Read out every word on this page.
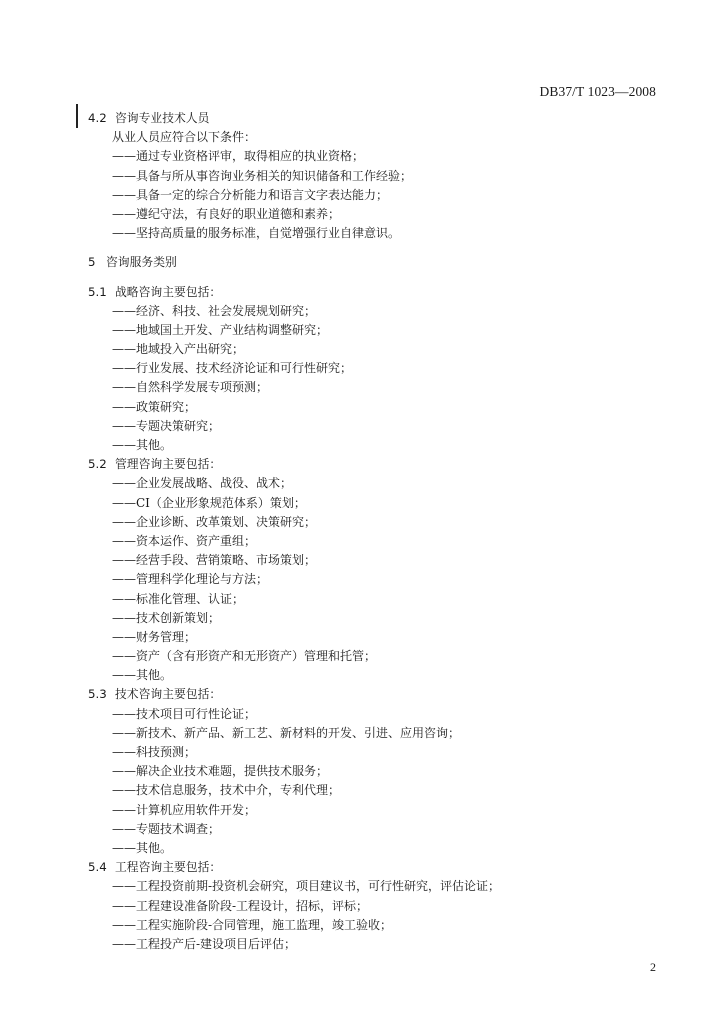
DB37/T 1023—2008
4.2 咨询专业技术人员
从业人员应符合以下条件：
——通过专业资格评审，取得相应的执业资格；
——具备与所从事咨询业务相关的知识储备和工作经验；
——具备一定的综合分析能力和语言文字表达能力；
——遵纪守法，有良好的职业道德和素养；
——坚持高质量的服务标准，自觉增强行业自律意识。
5 咨询服务类别
5.1 战略咨询主要包括：
——经济、科技、社会发展规划研究；
——地域国土开发、产业结构调整研究；
——地域投入产出研究；
——行业发展、技术经济论证和可行性研究；
——自然科学发展专项预测；
——政策研究；
——专题决策研究；
——其他。
5.2 管理咨询主要包括：
——企业发展战略、战役、战术；
——CI（企业形象规范体系）策划；
——企业诊断、改革策划、决策研究；
——资本运作、资产重组；
——经营手段、营销策略、市场策划；
——管理科学化理论与方法；
——标准化管理、认证；
——技术创新策划；
——财务管理；
——资产（含有形资产和无形资产）管理和托管；
——其他。
5.3 技术咨询主要包括：
——技术项目可行性论证；
——新技术、新产品、新工艺、新材料的开发、引进、应用咨询；
——科技预测；
——解决企业技术难题，提供技术服务；
——技术信息服务，技术中介，专利代理；
——计算机应用软件开发；
——专题技术调查；
——其他。
5.4 工程咨询主要包括：
——工程投资前期-投资机会研究，项目建议书，可行性研究，评估论证；
——工程建设准备阶段-工程设计，招标，评标；
——工程实施阶段-合同管理，施工监理，竣工验收；
——工程投产后-建设项目后评估；
2
